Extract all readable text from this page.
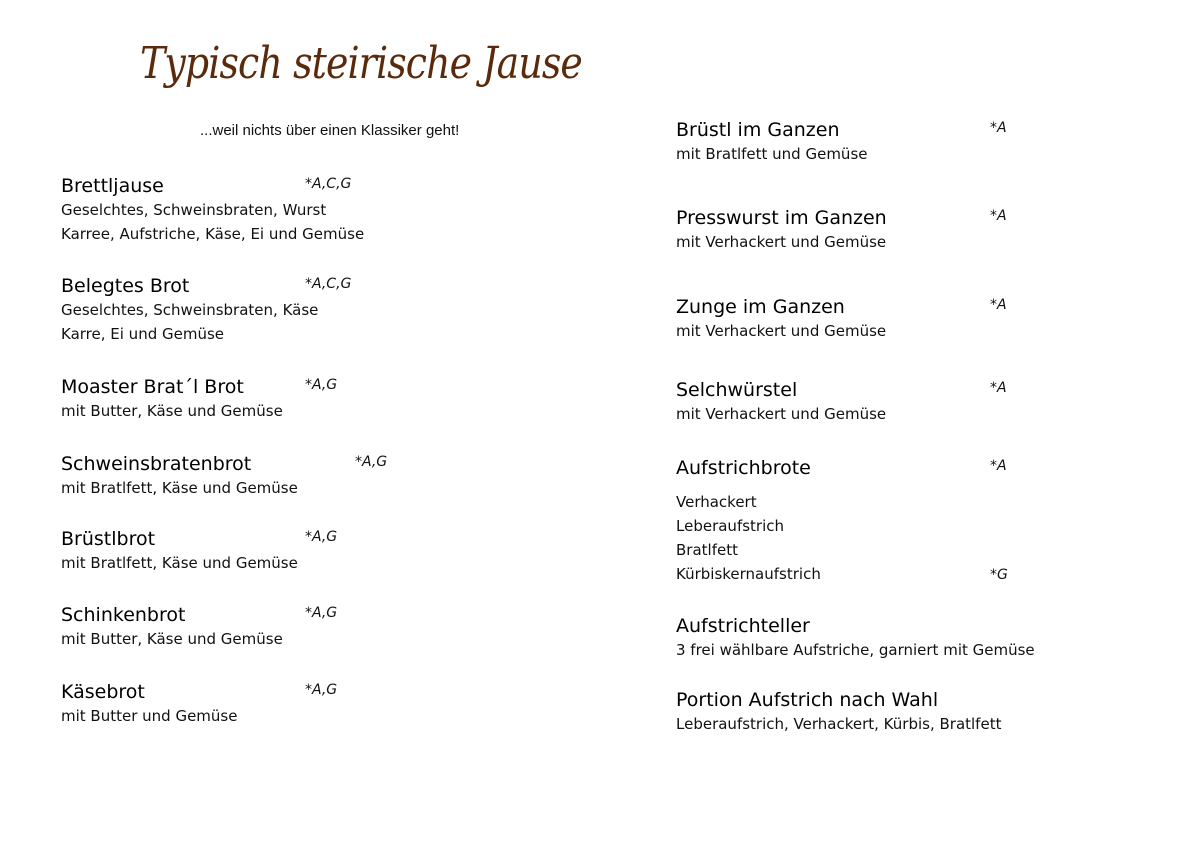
Typisch steirische Jause
...weil nichts über einen Klassiker geht!
Brettljause	*A,C,G
Geselchtes, Schweinsbraten, Wurst
Karree, Aufstriche, Käse, Ei und Gemüse
Belegtes Brot	*A,C,G
Geselchtes, Schweinsbraten, Käse
Karre, Ei und Gemüse
Moaster Brat´l Brot	*A,G
mit Butter, Käse und Gemüse
Schweinsbratenbrot	*A,G
mit Bratlfett, Käse und Gemüse
Brüstlbrot	*A,G
mit Bratlfett, Käse und Gemüse
Schinkenbrot	*A,G
mit Butter, Käse und Gemüse
Käsebrot	*A,G
mit Butter und Gemüse
Brüstl im Ganzen	*A
mit Bratlfett und Gemüse
Presswurst im Ganzen	*A
mit Verhackert und Gemüse
Zunge im Ganzen	*A
mit Verhackert und Gemüse
Selchwürstel	*A
mit Verhackert und Gemüse
Aufstrichbrote	*A
Verhackert
Leberaufstrich
Bratlfett
Kürbiskernaufstrich	*G
Aufstrichteller
3 frei wählbare Aufstriche, garniert mit Gemüse
Portion Aufstrich nach Wahl
Leberaufstrich, Verhackert, Kürbis, Bratlfett
